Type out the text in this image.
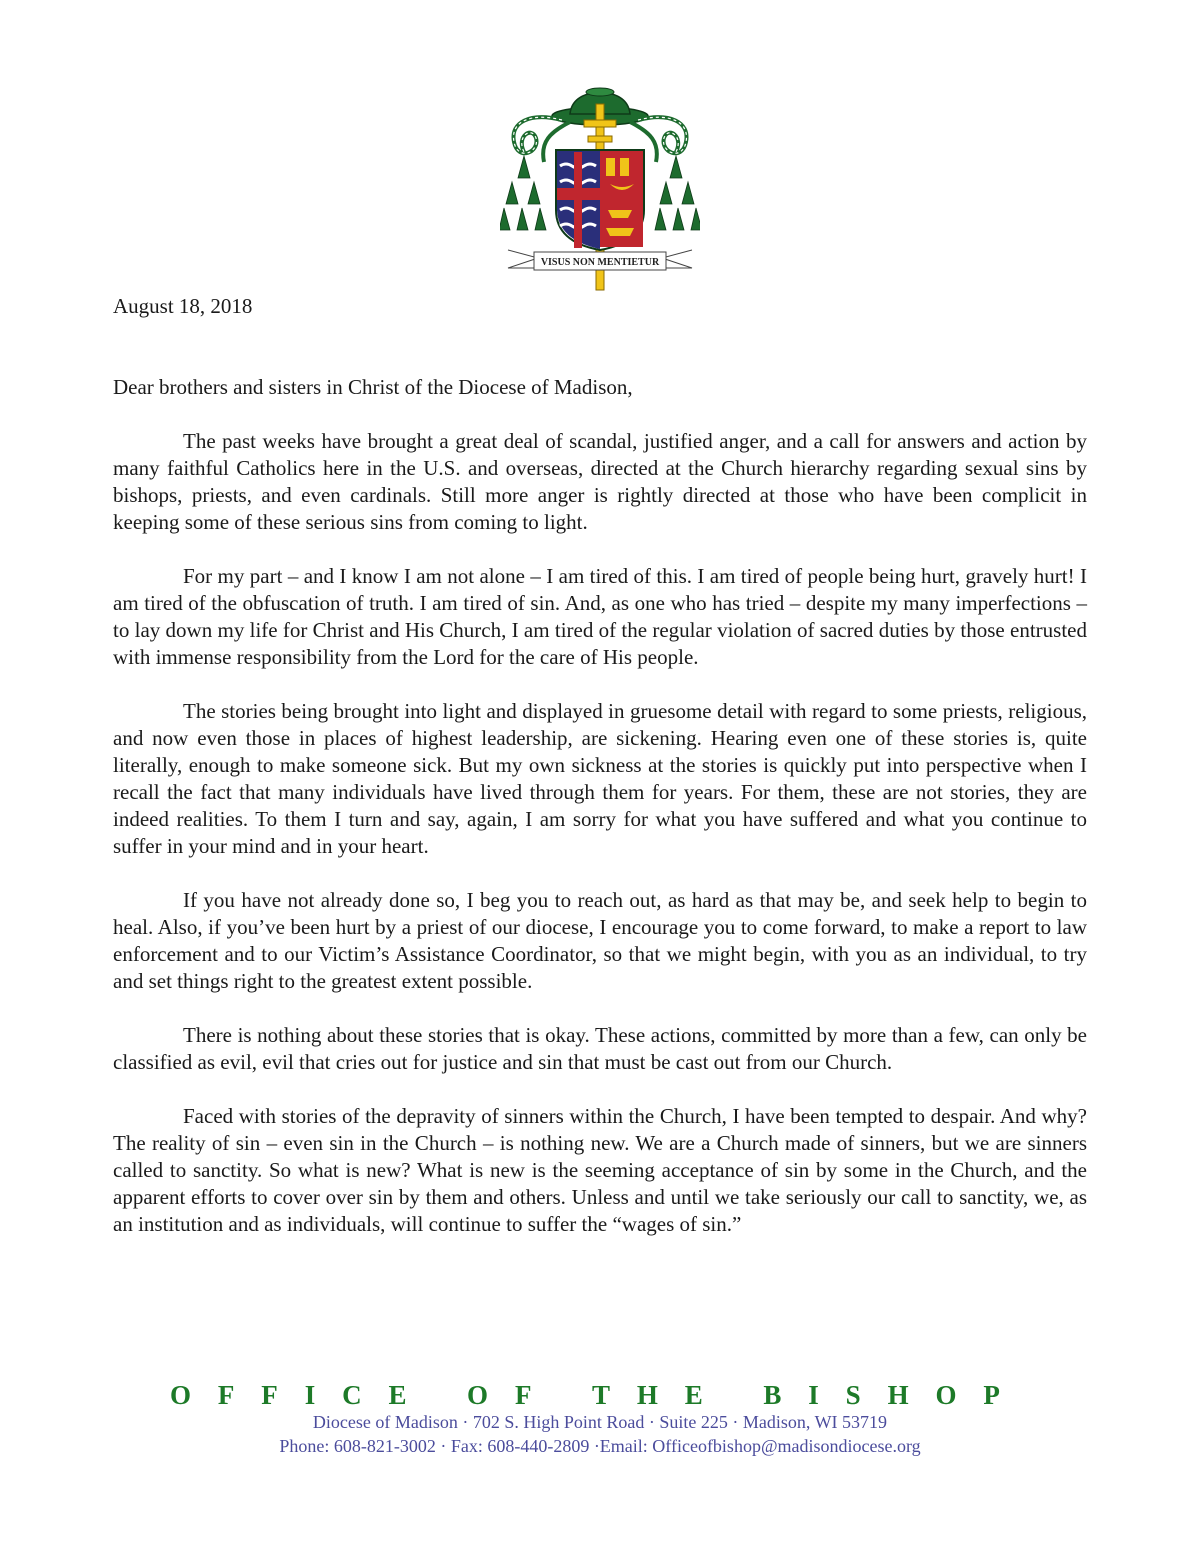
VISUS NON MENTIETUR
August 18, 2018
Dear brothers and sisters in Christ of the Diocese of Madison,

The past weeks have brought a great deal of scandal, justified anger, and a call for answers and action by many faithful Catholics here in the U.S. and overseas, directed at the Church hierarchy regarding sexual sins by bishops, priests, and even cardinals. Still more anger is rightly directed at those who have been complicit in keeping some of these serious sins from coming to light.

For my part – and I know I am not alone – I am tired of this. I am tired of people being hurt, gravely hurt! I am tired of the obfuscation of truth. I am tired of sin. And, as one who has tried – despite my many imperfections – to lay down my life for Christ and His Church, I am tired of the regular violation of sacred duties by those entrusted with immense responsibility from the Lord for the care of His people.

The stories being brought into light and displayed in gruesome detail with regard to some priests, religious, and now even those in places of highest leadership, are sickening. Hearing even one of these stories is, quite literally, enough to make someone sick. But my own sickness at the stories is quickly put into perspective when I recall the fact that many individuals have lived through them for years. For them, these are not stories, they are indeed realities. To them I turn and say, again, I am sorry for what you have suffered and what you continue to suffer in your mind and in your heart.

If you have not already done so, I beg you to reach out, as hard as that may be, and seek help to begin to heal. Also, if you’ve been hurt by a priest of our diocese, I encourage you to come forward, to make a report to law enforcement and to our Victim’s Assistance Coordinator, so that we might begin, with you as an individual, to try and set things right to the greatest extent possible.

There is nothing about these stories that is okay. These actions, committed by more than a few, can only be classified as evil, evil that cries out for justice and sin that must be cast out from our Church.

Faced with stories of the depravity of sinners within the Church, I have been tempted to despair. And why? The reality of sin – even sin in the Church – is nothing new. We are a Church made of sinners, but we are sinners called to sanctity. So what is new? What is new is the seeming acceptance of sin by some in the Church, and the apparent efforts to cover over sin by them and others. Unless and until we take seriously our call to sanctity, we, as an institution and as individuals, will continue to suffer the “wages of sin.”

O F F I C E
O F
T H E
B I S H O P
Diocese of Madison · 702 S. High Point Road · Suite 225 · Madison, WI 53719
Phone: 608-821-3002 · Fax: 608-440-2809 ·Email: Officeofbishop@madisondiocese.org
